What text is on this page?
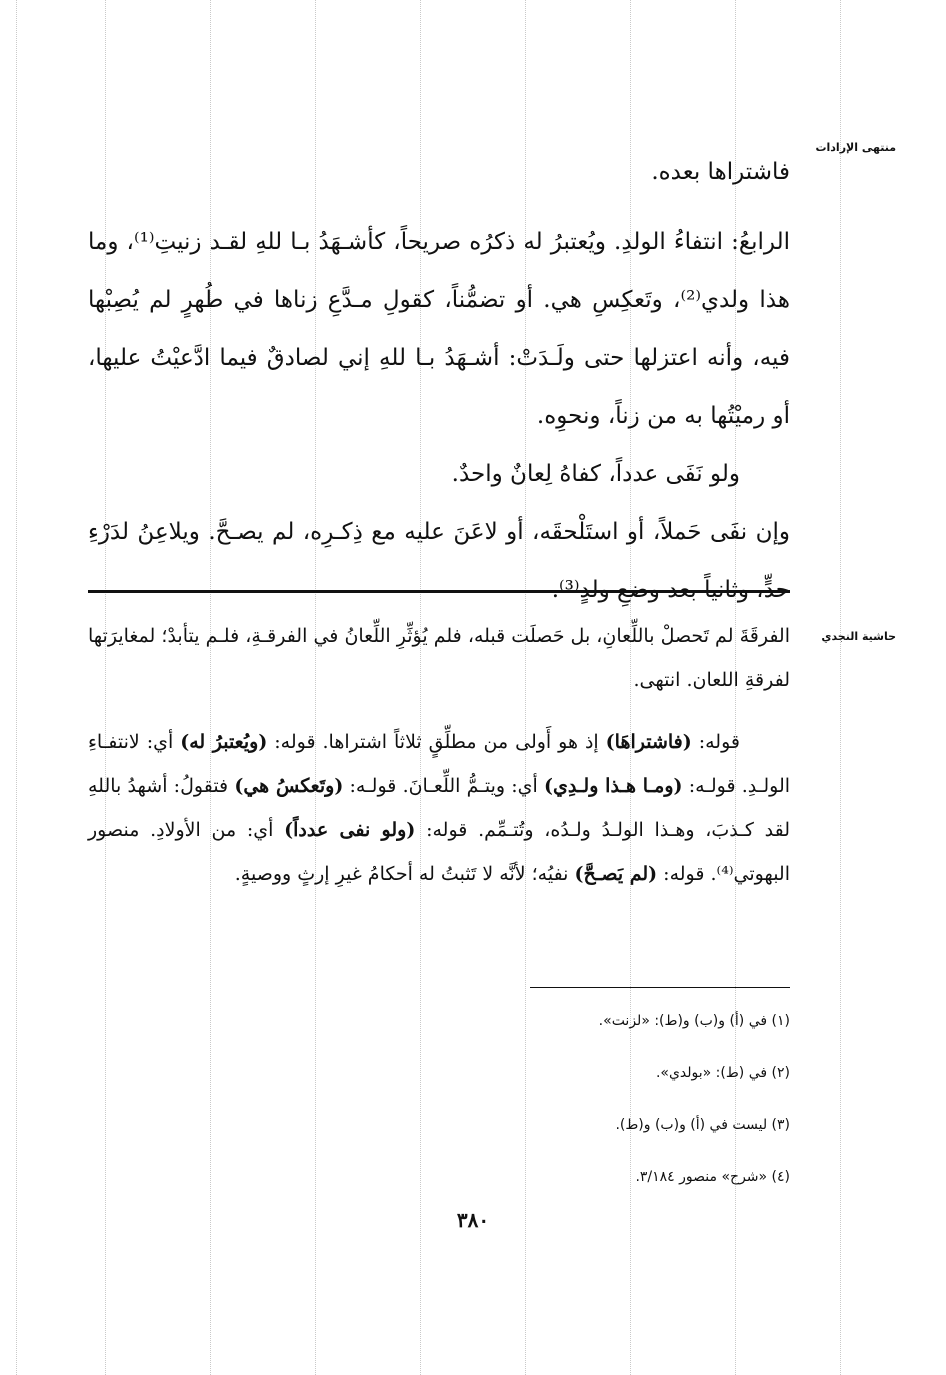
منتهى الإرادات
حاشية النجدي

فاشتراها بعده.

الرابعُ: انتفاءُ الولدِ. ويُعتبرُ له ذكرُه صريحاً، كأشـهَدُ بـا للهِ لقـد زنيتِ⁽¹⁾، وما هذا ولدي⁽²⁾، وتَعكِسِ هي. أو تضمُّناً، كقولِ مـدَّعِ زناها في طُهرٍ لم يُصِبْها فيه، وأنه اعتزلها حتى ولَـدَتْ: أشـهَدُ بـا للهِ إني لصادقٌ فيما ادَّعيْتُ عليها، أو رميْتُها به من زناً، ونحوِه.

ولو نَفَى عدداً، كفاهُ لِعانٌ واحدٌ.

وإن نفَى حَملاً، أو استَلْحقَه، أو لاعَنَ عليه مع ذِكـرِه، لم يصـحَّ. ويلاعِنُ لدَرْءِ حدٍّ، وثانياً بعد وضعِ ولدٍ⁽³⁾.

الفرقَةَ لم تَحصلْ باللِّعانِ، بل حَصلَت قبله، فلم يُؤثِّرِ اللِّعانُ في الفرقـةِ، فلـم يتأبدْ؛ لمغايرَتها لفرقةِ اللعان. انتهى.

قوله: (فاشتراهَا) إذ هو أَولى من مطلِّقٍ ثلاثاً اشتراها. قوله: (ويُعتبرُ له) أي: لانتفـاءِ الولـدِ. قولـه: (ومـا هـذا ولـدِي) أي: ويتـمُّ اللِّعـانَ. قولـه: (وتَعكسُ هي) فتقولُ: أشهدُ باللهِ لقد كـذبَ، وهـذا الولـدُ ولـدُه، وتُتـمِّم. قوله: (ولو نفى عدداً) أي: من الأولادِ. منصور البهوتي⁽⁴⁾. قوله: (لم يَصـحَّ) نفيُه؛ لأنَّه لا تَثبتُ له أحكامُ غيرِ إرثٍ ووصيةٍ.

(١) في (أ) و(ب) و(ط): «لزنت».

(٢) في (ط): «بولدي».

(٣) ليست في (أ) و(ب) و(ط).

(٤) «شرح» منصور ٣/١٨٤.

٣٨٠
